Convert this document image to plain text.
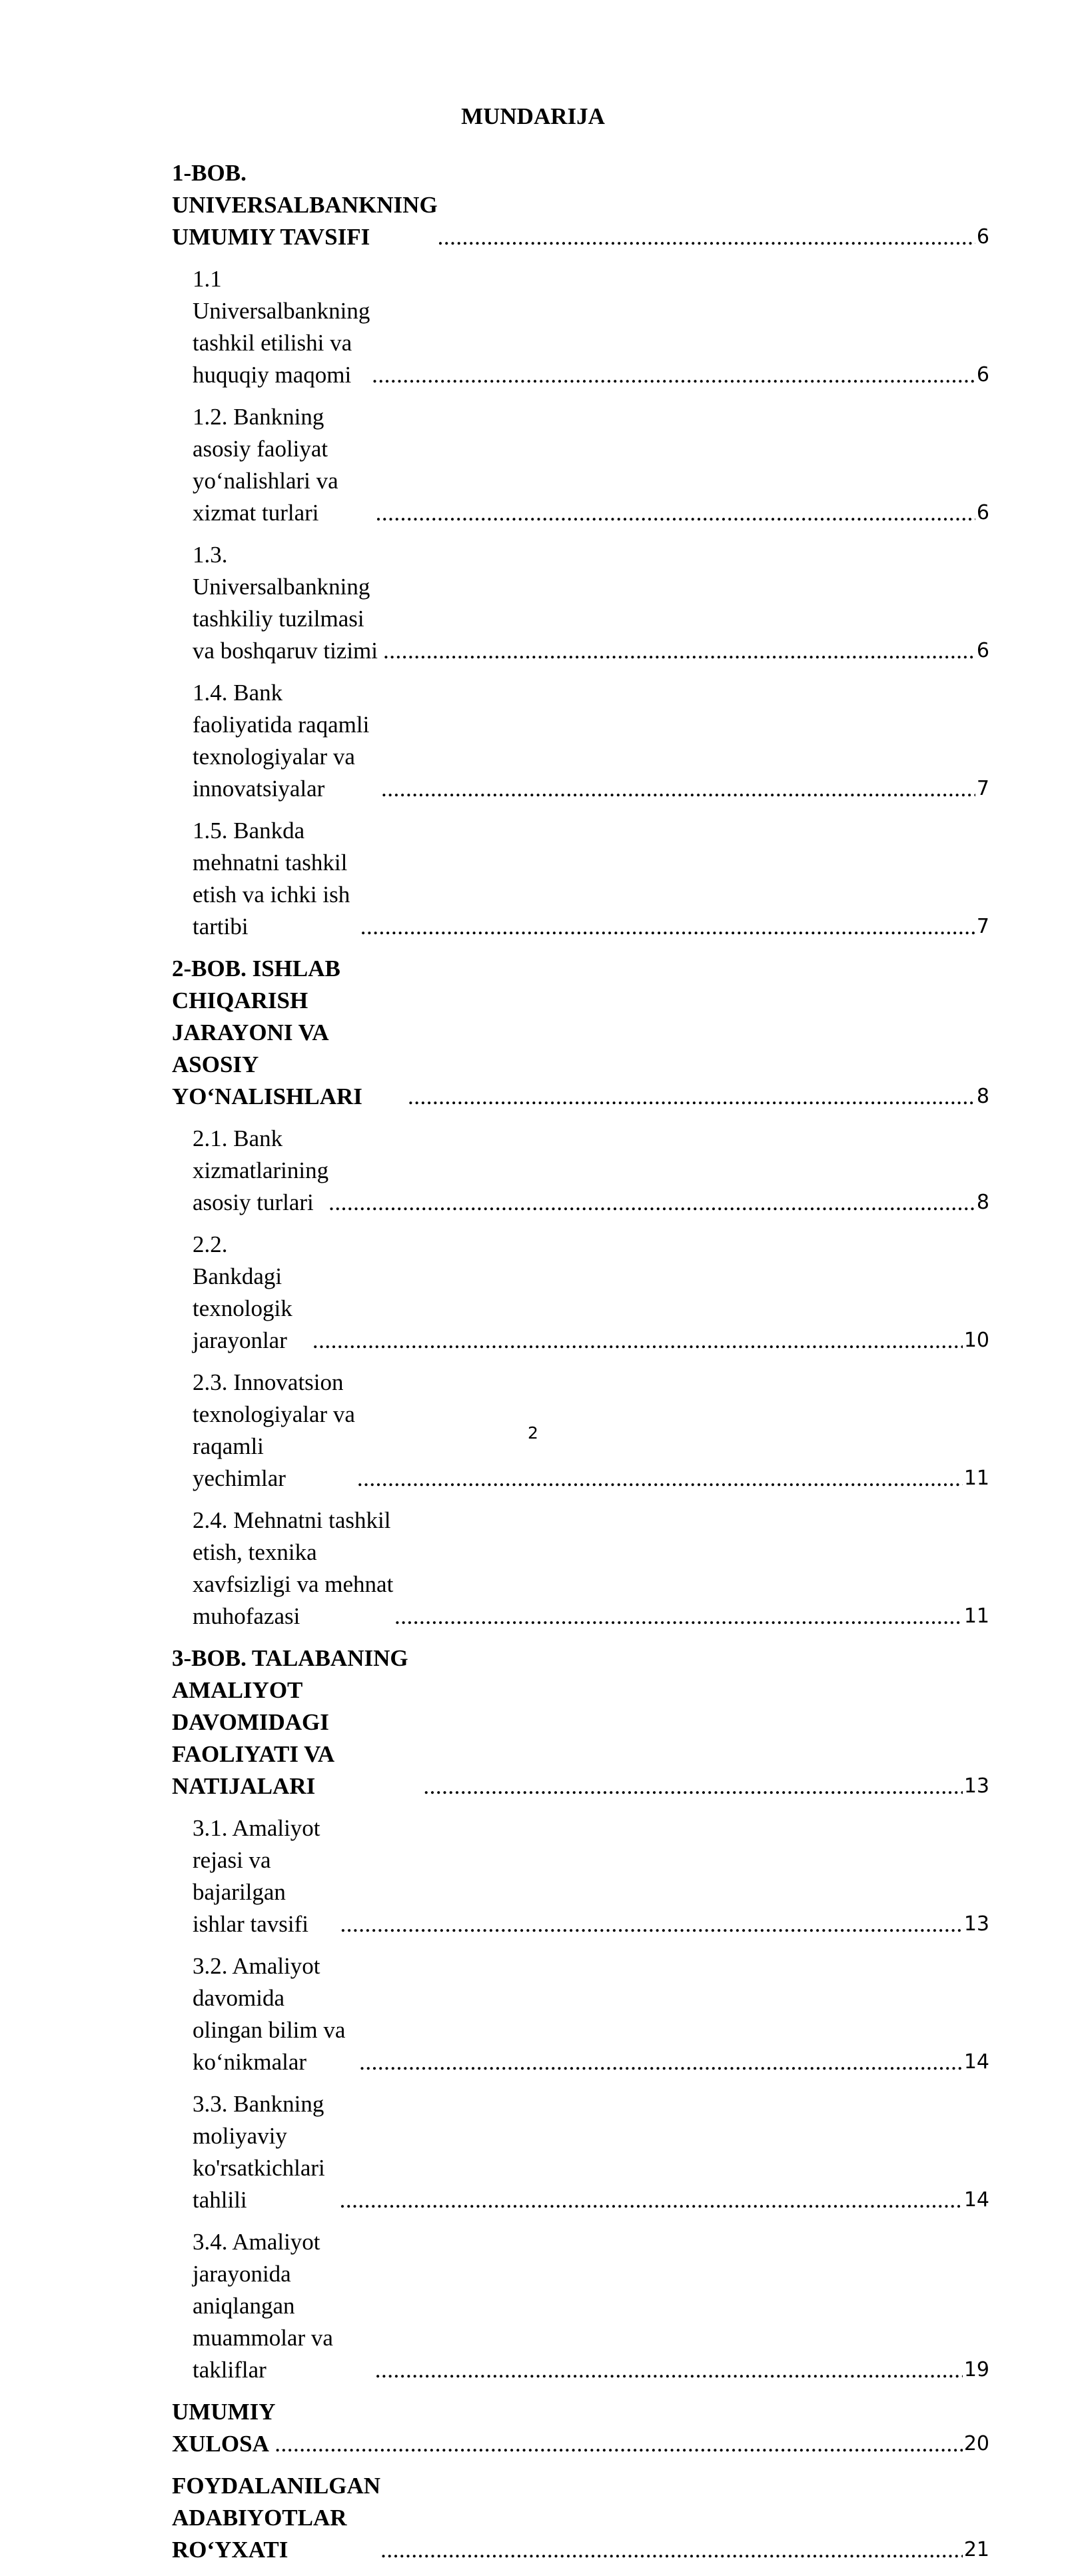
MUNDARIJA
1-BOB. UNIVERSALBANKNING UMUMIY TAVSIFI .....	6
1.1 Universalbankning tashkil etilishi va huquqiy maqomi .....	6
1.2. Bankning asosiy faoliyat yo‘nalishlari va xizmat turlari .....	6
1.3. Universalbankning tashkiliy tuzilmasi va boshqaruv tizimi .....	6
1.4. Bank faoliyatida raqamli texnologiyalar va innovatsiyalar .....	7
1.5. Bankda mehnatni tashkil etish va ichki ish tartibi .....	7
2-BOB. ISHLAB CHIQARISH JARAYONI VA ASOSIY YO‘NALISHLARI .....	8
2.1. Bank xizmatlarining asosiy turlari .....	8
2.2. Bankdagi texnologik jarayonlar .....	10
2.3. Innovatsion texnologiyalar va raqamli yechimlar .....	11
2.4. Mehnatni tashkil etish, texnika xavfsizligi va mehnat muhofazasi .....	11
3-BOB. TALABANING AMALIYOT DAVOMIDAGI FAOLIYATI VA NATIJALARI .....	13
3.1. Amaliyot rejasi va bajarilgan ishlar tavsifi .....	13
3.2. Amaliyot davomida olingan bilim va ko‘nikmalar .....	14
3.3. Bankning moliyaviy ko'rsatkichlari tahlili .....	14
3.4. Amaliyot jarayonida aniqlangan muammolar va takliflar .....	19
UMUMIY XULOSA .....	20
FOYDALANILGAN ADABIYOTLAR RO‘YXATI .....	21
2
